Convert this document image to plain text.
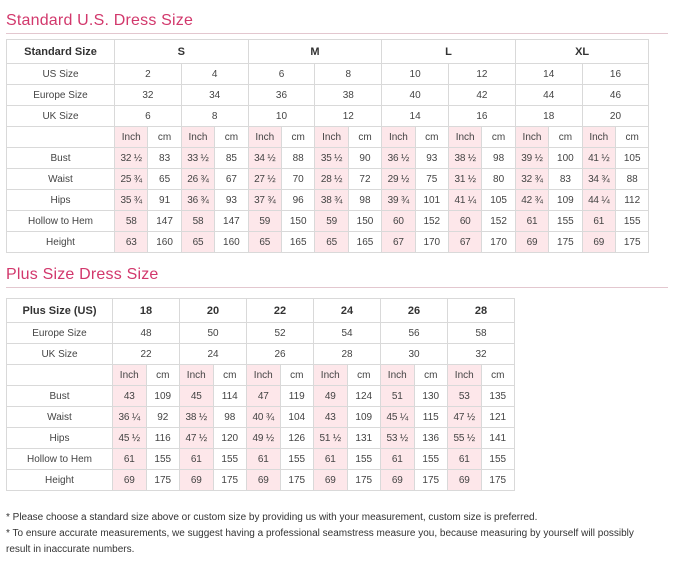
Standard U.S. Dress Size
Standard Size	S				M				L				XL			
US Size	2		4		6		8		10		12		14		16	
Europe Size	32		34		36		38		40		42		44		46	
UK Size	6		8		10		12		14		16		18		20	
	Inch	cm	Inch	cm	Inch	cm	Inch	cm	Inch	cm	Inch	cm	Inch	cm	Inch	cm
Bust	32 ½	83	33 ½	85	34 ½	88	35 ½	90	36 ½	93	38 ½	98	39 ½	100	41 ½	105
Waist	25 ¾	65	26 ¾	67	27 ½	70	28 ½	72	29 ½	75	31 ½	80	32 ¾	83	34 ¾	88
Hips	35 ¾	91	36 ¾	93	37 ¾	96	38 ¾	98	39 ¾	101	41 ¼	105	42 ¾	109	44 ¼	112
Hollow to Hem	58	147	58	147	59	150	59	150	60	152	60	152	61	155	61	155
Height	63	160	65	160	65	165	65	165	67	170	67	170	69	175	69	175
Plus Size Dress Size
Plus Size (US)	18		20		22		24		26		28	
Europe Size	48		50		52		54		56		58	
UK Size	22		24		26		28		30		32	
	Inch	cm	Inch	cm	Inch	cm	Inch	cm	Inch	cm	Inch	cm
Bust	43	109	45	114	47	119	49	124	51	130	53	135
Waist	36 ¼	92	38 ½	98	40 ¾	104	43	109	45 ¼	115	47 ½	121
Hips	45 ½	116	47 ½	120	49 ½	126	51 ½	131	53 ½	136	55 ½	141
Hollow to Hem	61	155	61	155	61	155	61	155	61	155	61	155
Height	69	175	69	175	69	175	69	175	69	175	69	175

* Please choose a standard size above or custom size by providing us with your measurement, custom size is preferred.

* To ensure accurate measurements, we suggest having a professional seamstress measure you, because measuring by yourself will possibly result in inaccurate numbers.
